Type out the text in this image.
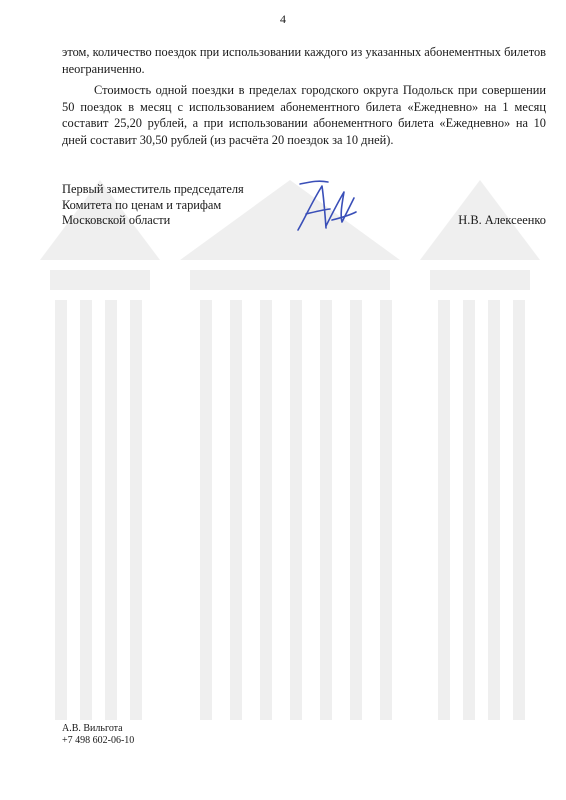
4

этом, количество поездок при использовании каждого из указанных абонементных билетов неограниченно.

Стоимость одной поездки в пределах городского округа Подольск при совершении 50 поездок в месяц с использованием абонементного билета «Ежедневно» на 1 месяц составит 25,20 рублей, а при использовании абонементного билета «Ежедневно» на 10 дней составит 30,50 рублей (из расчёта 20 поездок за 10 дней).

Первый заместитель председателя
Комитета по ценам и тарифам
Московской области	Н.В. Алексеенко
А.В. Вильгота
+7 498 602-06-10
